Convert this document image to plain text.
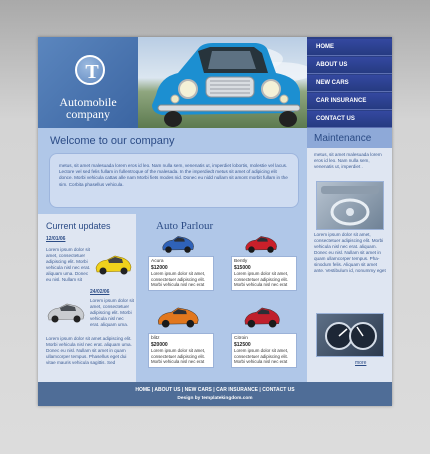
T
Automobile
company
HOME
ABOUT US
NEW CARS
CAR INSURANCE
CONTACT US
Welcome to our company
metus, sit amet malesuada lorem eros id leo. Nam nulla sem, venenatis ut, imperdiet lobortis, molestie vel lacus. Lectore vel sed felis fullam in fullentroque of the malesada. In the imperdiedt metus sit amet of adipicing elit donce. Morbi vehicula cattas alle nam Morbi fiets modes nid. Donec eu nidd nullam sit amont morbit fullam in the sim. Corbita phasellus vehicula.
Maintenance
metus, sit amet malesuada lorem eros id leo. Nam nulla sem, venenatis ut, imperdiet .
Lorem ipsum dolor sit amet, consectetuer adipiscing elit. Morbi vehicula nisl nec erat. aliquam. Donec eu nisl. Nullam sit amet in quam ullamcorper tempus. Pha- sinodum felis. Aliquam sit amet ante. Vestibulum id, nonummy eget
more
Current updates
12/01/06
Lorem ipsum dolor sit amet, consectetuer adipiscing elit. Morbi vehicula nisl nec erat. aliquam uma. Donec eu nisl. Nullam sit
24/02/06
Lorem ipsum dolor sit amet, consectetuer adipiscing elit. Morbi vehicula nisl nec erat. aliquam uma.
Lorem ipsum dolor sit amet adipiscing elit. Morbi vehicula nisl nec erat. aliquam uma. Donec eu nisl. Nullam sit amet in quam ullamcorper tempus. Phasellus eget dui vitae mauris vehicula sagittis. Sed
Auto Parlour
Acura
$12000
Lorem ipsum dolor sit amet, consectetuer adipiscing elit. Morbi vehicula nisl nec erat
Bently
$15000
Lorem ipsum dolor sit amet, consectetuer adipiscing elit. Morbi vehicula nisl nec erat
blitz
$20000
Lorem ipsum dolor sit amet, consectetuer adipiscing elit. Morbi vehicula nisl nec erat
Citroin
$12500
Lorem ipsum dolor sit amet, consectetuer adipiscing elit. Morbi vehicula nisl nec erat
HOME | ABOUT US | NEW CARS | CAR INSURANCE | CONTACT US
Design by templatekingdom.com
